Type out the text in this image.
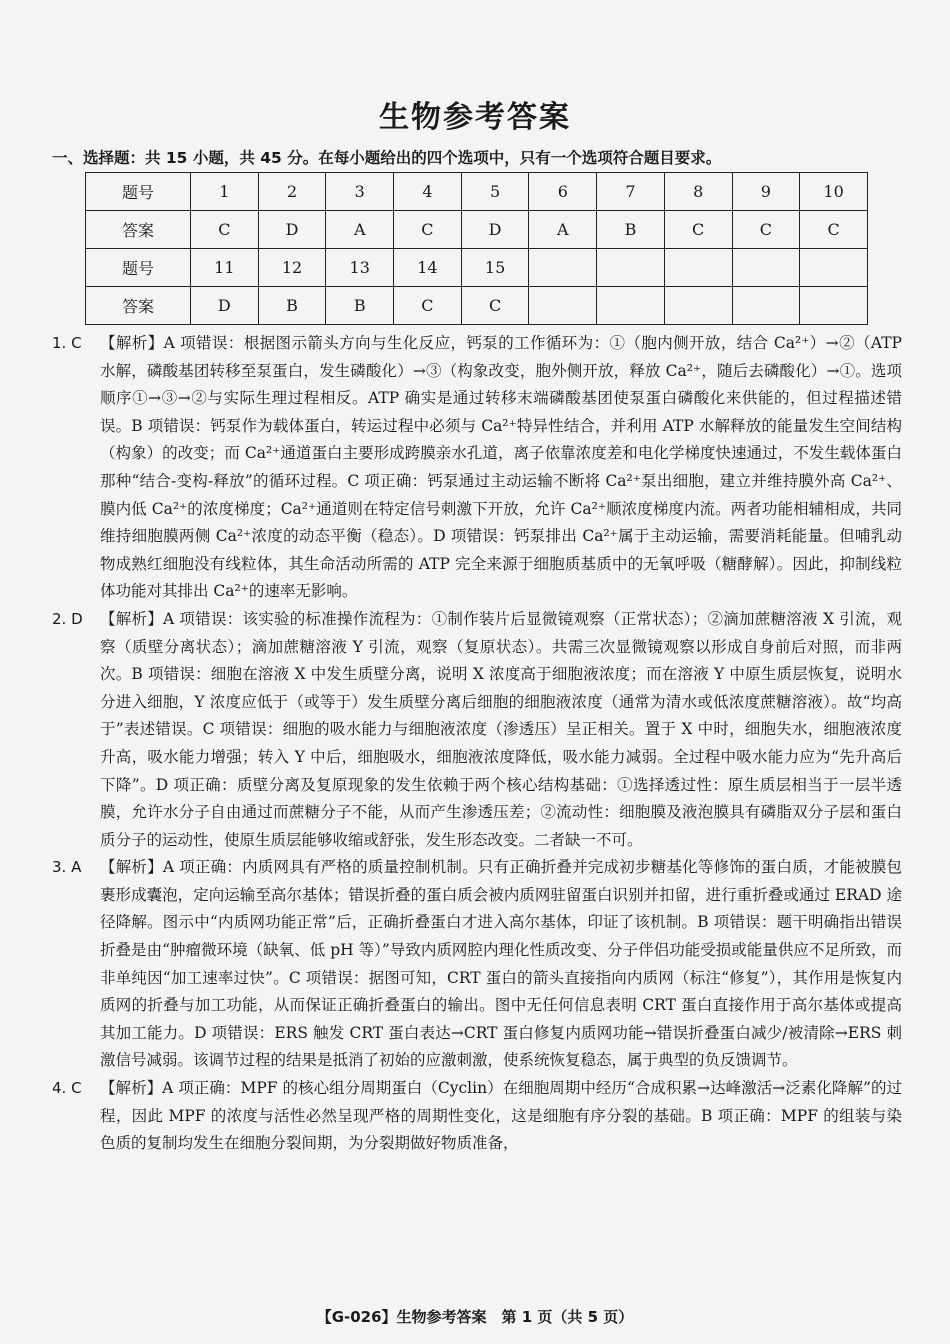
生物参考答案
一、选择题：共 15 小题，共 45 分。在每小题给出的四个选项中，只有一个选项符合题目要求。
题号	1	2	3	4	5	6	7	8	9	10
答案	C	D	A	C	D	A	B	C	C	C
题号	11	12	13	14	15					
答案	D	B	B	C	C					
1. C 【解析】A 项错误：根据图示箭头方向与生化反应，钙泵的工作循环为：①（胞内侧开放，结合 Ca²⁺）→②（ATP 水解，磷酸基团转移至泵蛋白，发生磷酸化）→③（构象改变，胞外侧开放，释放 Ca²⁺，随后去磷酸化）→①。选项顺序①→③→②与实际生理过程相反。ATP 确实是通过转移末端磷酸基团使泵蛋白磷酸化来供能的，但过程描述错误。B 项错误：钙泵作为载体蛋白，转运过程中必须与 Ca²⁺特异性结合，并利用 ATP 水解释放的能量发生空间结构（构象）的改变；而 Ca²⁺通道蛋白主要形成跨膜亲水孔道，离子依靠浓度差和电化学梯度快速通过，不发生载体蛋白那种“结合-变构-释放”的循环过程。C 项正确：钙泵通过主动运输不断将 Ca²⁺泵出细胞，建立并维持膜外高 Ca²⁺、膜内低 Ca²⁺的浓度梯度；Ca²⁺通道则在特定信号刺激下开放，允许 Ca²⁺顺浓度梯度内流。两者功能相辅相成，共同维持细胞膜两侧 Ca²⁺浓度的动态平衡（稳态）。D 项错误：钙泵排出 Ca²⁺属于主动运输，需要消耗能量。但哺乳动物成熟红细胞没有线粒体，其生命活动所需的 ATP 完全来源于细胞质基质中的无氧呼吸（糖酵解）。因此，抑制线粒体功能对其排出 Ca²⁺的速率无影响。
2. D 【解析】A 项错误：该实验的标准操作流程为：①制作装片后显微镜观察（正常状态）；②滴加蔗糖溶液 X 引流，观察（质壁分离状态）；滴加蔗糖溶液 Y 引流，观察（复原状态）。共需三次显微镜观察以形成自身前后对照，而非两次。B 项错误：细胞在溶液 X 中发生质壁分离，说明 X 浓度高于细胞液浓度；而在溶液 Y 中原生质层恢复，说明水分进入细胞，Y 浓度应低于（或等于）发生质壁分离后细胞的细胞液浓度（通常为清水或低浓度蔗糖溶液）。故“均高于”表述错误。C 项错误：细胞的吸水能力与细胞液浓度（渗透压）呈正相关。置于 X 中时，细胞失水，细胞液浓度升高，吸水能力增强；转入 Y 中后，细胞吸水，细胞液浓度降低，吸水能力减弱。全过程中吸水能力应为“先升高后下降”。D 项正确：质壁分离及复原现象的发生依赖于两个核心结构基础：①选择透过性：原生质层相当于一层半透膜，允许水分子自由通过而蔗糖分子不能，从而产生渗透压差；②流动性：细胞膜及液泡膜具有磷脂双分子层和蛋白质分子的运动性，使原生质层能够收缩或舒张，发生形态改变。二者缺一不可。
3. A 【解析】A 项正确：内质网具有严格的质量控制机制。只有正确折叠并完成初步糖基化等修饰的蛋白质，才能被膜包裹形成囊泡，定向运输至高尔基体；错误折叠的蛋白质会被内质网驻留蛋白识别并扣留，进行重折叠或通过 ERAD 途径降解。图示中“内质网功能正常”后，正确折叠蛋白才进入高尔基体，印证了该机制。B 项错误：题干明确指出错误折叠是由“肿瘤微环境（缺氧、低 pH 等）”导致内质网腔内理化性质改变、分子伴侣功能受损或能量供应不足所致，而非单纯因“加工速率过快”。C 项错误：据图可知，CRT 蛋白的箭头直接指向内质网（标注“修复”），其作用是恢复内质网的折叠与加工功能，从而保证正确折叠蛋白的输出。图中无任何信息表明 CRT 蛋白直接作用于高尔基体或提高其加工能力。D 项错误：ERS 触发 CRT 蛋白表达→CRT 蛋白修复内质网功能→错误折叠蛋白减少/被清除→ERS 刺激信号减弱。该调节过程的结果是抵消了初始的应激刺激，使系统恢复稳态，属于典型的负反馈调节。
4. C 【解析】A 项正确：MPF 的核心组分周期蛋白（Cyclin）在细胞周期中经历“合成积累→达峰激活→泛素化降解”的过程，因此 MPF 的浓度与活性必然呈现严格的周期性变化，这是细胞有序分裂的基础。B 项正确：MPF 的组装与染色质的复制均发生在细胞分裂间期，为分裂期做好物质准备，
【G-026】生物参考答案　第 1 页（共 5 页）
